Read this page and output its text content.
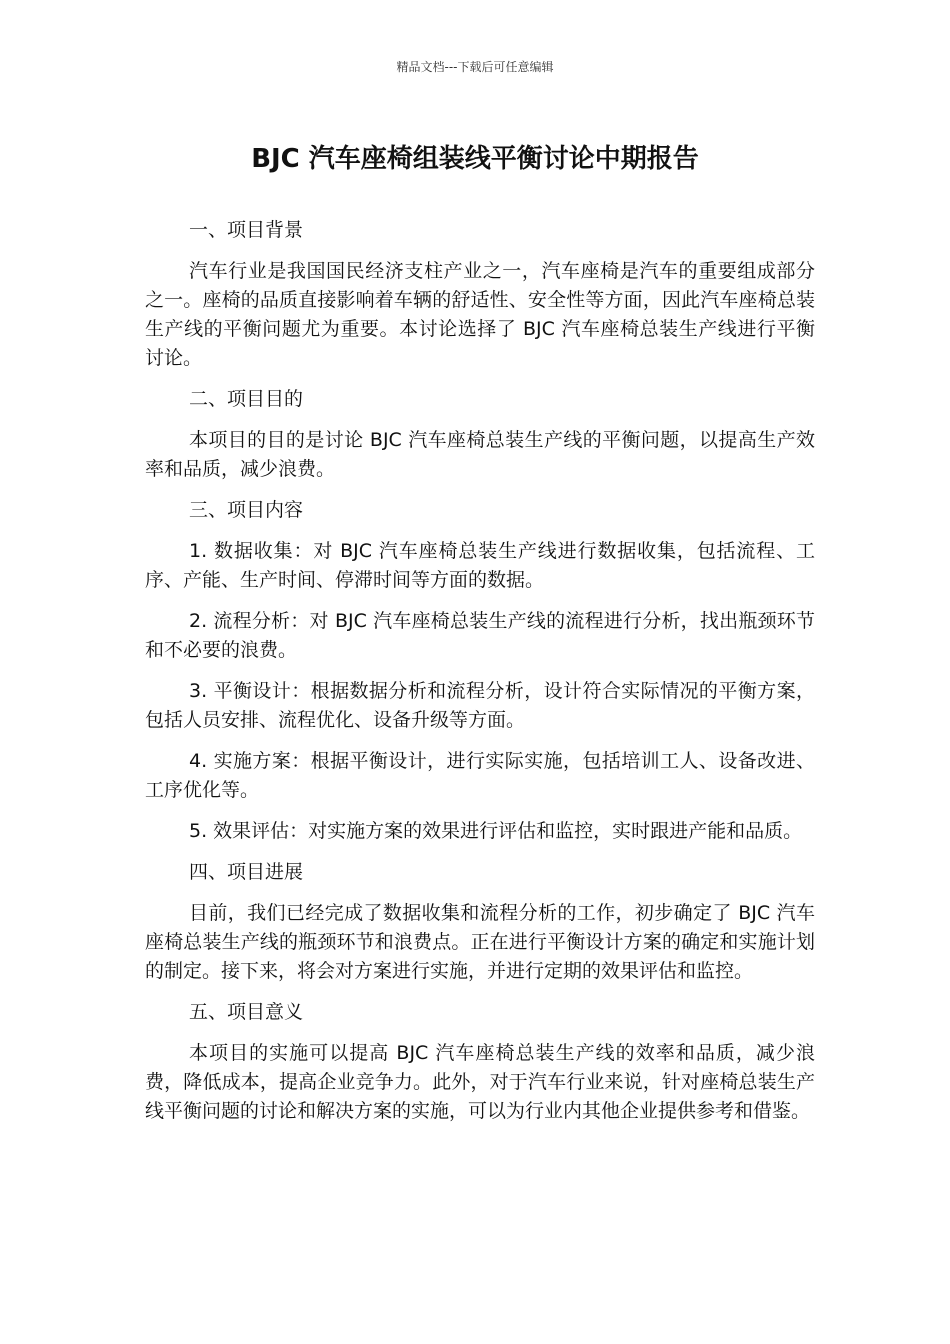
精品文档---下载后可任意编辑
BJC 汽车座椅组装线平衡讨论中期报告
一、项目背景

汽车行业是我国国民经济支柱产业之一，汽车座椅是汽车的重要组成部分之一。座椅的品质直接影响着车辆的舒适性、安全性等方面，因此汽车座椅总装生产线的平衡问题尤为重要。本讨论选择了 BJC 汽车座椅总装生产线进行平衡讨论。

二、项目目的

本项目的目的是讨论 BJC 汽车座椅总装生产线的平衡问题，以提高生产效率和品质，减少浪费。

三、项目内容

1. 数据收集：对 BJC 汽车座椅总装生产线进行数据收集，包括流程、工序、产能、生产时间、停滞时间等方面的数据。

2. 流程分析：对 BJC 汽车座椅总装生产线的流程进行分析，找出瓶颈环节和不必要的浪费。

3. 平衡设计：根据数据分析和流程分析，设计符合实际情况的平衡方案，包括人员安排、流程优化、设备升级等方面。

4. 实施方案：根据平衡设计，进行实际实施，包括培训工人、设备改进、工序优化等。

5. 效果评估：对实施方案的效果进行评估和监控，实时跟进产能和品质。

四、项目进展

目前，我们已经完成了数据收集和流程分析的工作，初步确定了 BJC 汽车座椅总装生产线的瓶颈环节和浪费点。正在进行平衡设计方案的确定和实施计划的制定。接下来，将会对方案进行实施，并进行定期的效果评估和监控。

五、项目意义

本项目的实施可以提高 BJC 汽车座椅总装生产线的效率和品质，减少浪费，降低成本，提高企业竞争力。此外，对于汽车行业来说，针对座椅总装生产线平衡问题的讨论和解决方案的实施，可以为行业内其他企业提供参考和借鉴。
